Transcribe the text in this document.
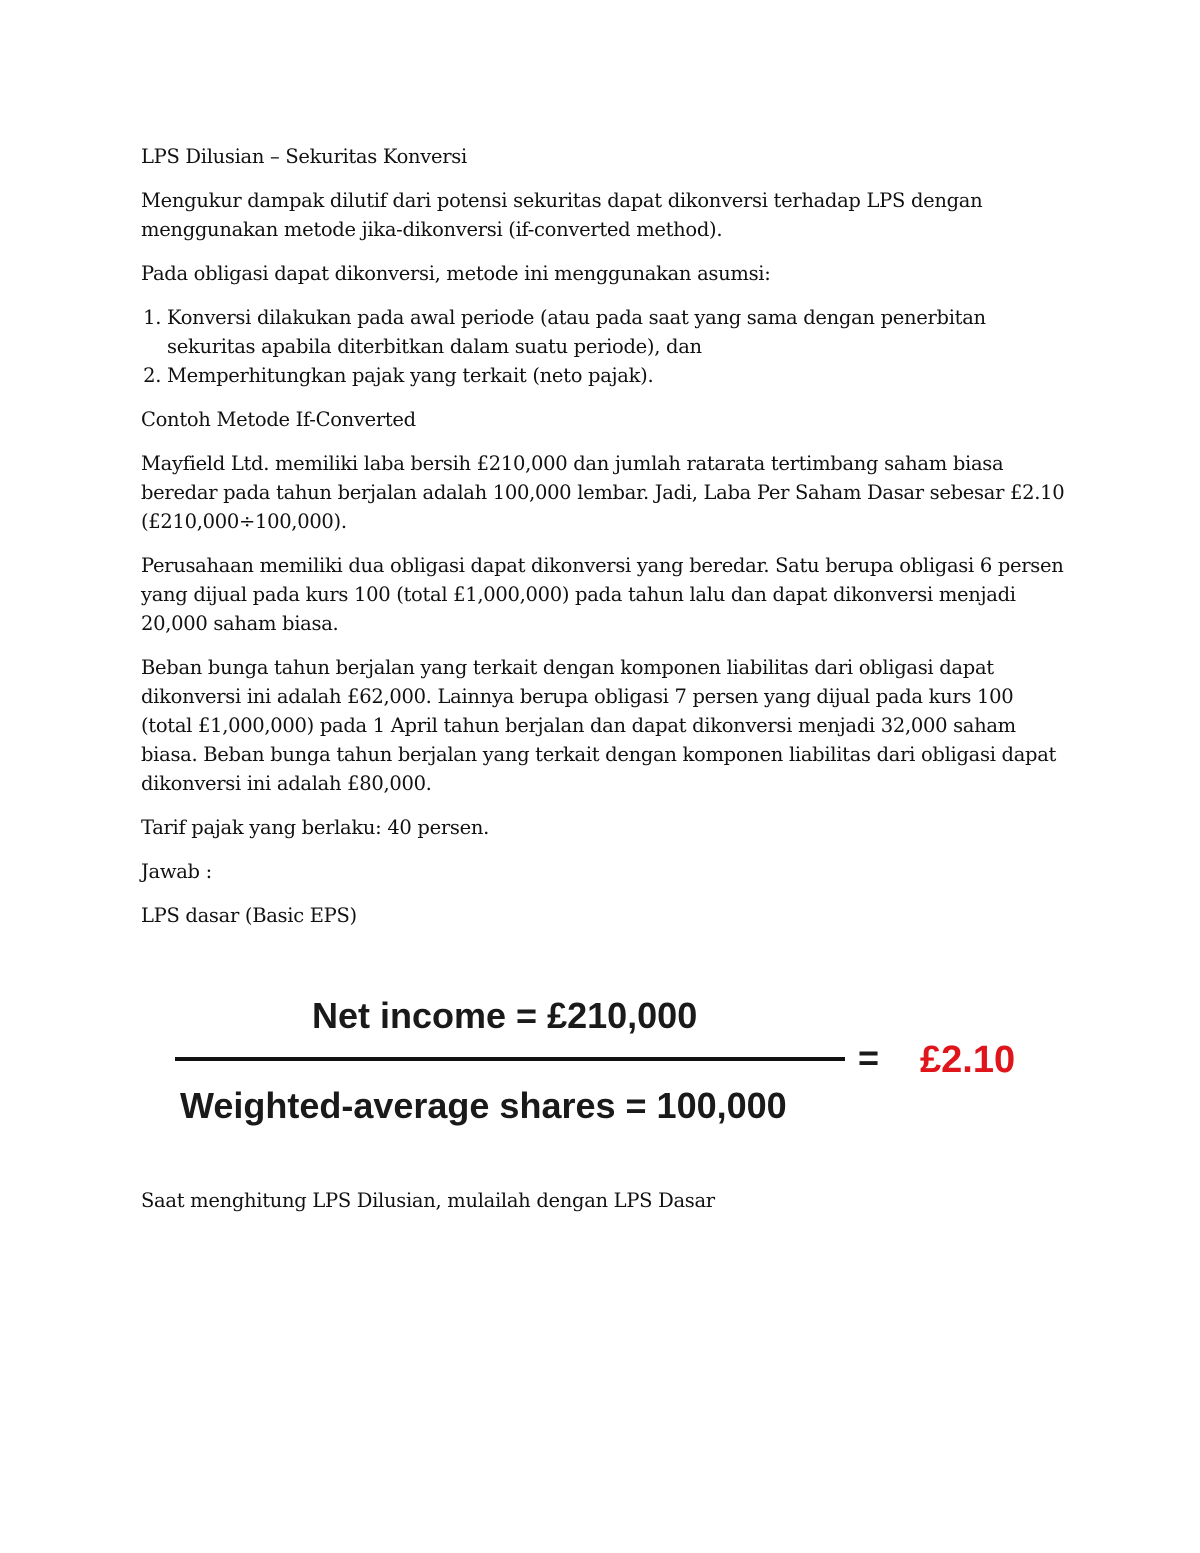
LPS Dilusian – Sekuritas Konversi

Mengukur dampak dilutif dari potensi sekuritas dapat dikonversi terhadap LPS dengan menggunakan metode jika-dikonversi (if-converted method).

Pada obligasi dapat dikonversi, metode ini menggunakan asumsi:

1. Konversi dilakukan pada awal periode (atau pada saat yang sama dengan penerbitan sekuritas apabila diterbitkan dalam suatu periode), dan
2. Memperhitungkan pajak yang terkait (neto pajak).

Contoh Metode If-Converted

Mayfield Ltd. memiliki laba bersih £210,000 dan jumlah ratarata tertimbang saham biasa beredar pada tahun berjalan adalah 100,000 lembar. Jadi, Laba Per Saham Dasar sebesar £2.10 (£210,000÷100,000).

Perusahaan memiliki dua obligasi dapat dikonversi yang beredar. Satu berupa obligasi 6 persen yang dijual pada kurs 100 (total £1,000,000) pada tahun lalu dan dapat dikonversi menjadi 20,000 saham biasa.

Beban bunga tahun berjalan yang terkait dengan komponen liabilitas dari obligasi dapat dikonversi ini adalah £62,000. Lainnya berupa obligasi 7 persen yang dijual pada kurs 100 (total £1,000,000) pada 1 April tahun berjalan dan dapat dikonversi menjadi 32,000 saham biasa. Beban bunga tahun berjalan yang terkait dengan komponen liabilitas dari obligasi dapat dikonversi ini adalah £80,000.

Tarif pajak yang berlaku: 40 persen.

Jawab :

LPS dasar (Basic EPS)

Net income = £210,000
= £2.10
Weighted-average shares = 100,000
Saat menghitung LPS Dilusian, mulailah dengan LPS Dasar
